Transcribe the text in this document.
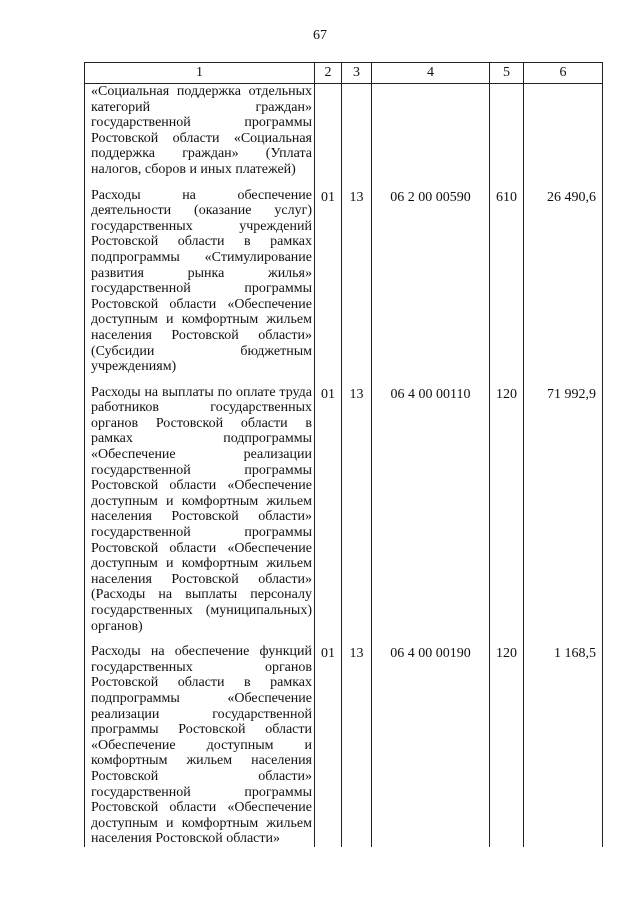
67
1	2	3	4	5	6
«Социальная поддержка отдельных категорий граждан» государственной программы Ростовской области «Социальная поддержка граждан» (Уплата налогов, сборов и иных платежей)					

Расходы на обеспечение деятельности (оказание услуг) государственных учреждений Ростовской области в рамках подпрограммы «Стимулирование развития рынка жилья» государственной программы Ростовской области «Обеспечение доступным и комфортным жильем населения Ростовской области» (Субсидии бюджетным учреждениям)	01	13	06 2 00 00590	610	26 490,6

Расходы на выплаты по оплате труда работников государственных органов Ростовской области в рамках подпрограммы «Обеспечение реализации государственной программы Ростовской области «Обеспечение доступным и комфортным жильем населения Ростовской области» государственной программы Ростовской области «Обеспечение доступным и комфортным жильем населения Ростовской области» (Расходы на выплаты персоналу государственных (муниципальных) органов)	01	13	06 4 00 00110	120	71 992,9

Расходы на обеспечение функций государственных органов Ростовской области в рамках подпрограммы «Обеспечение реализации государственной программы Ростовской области «Обеспечение доступным и комфортным жильем населения Ростовской области» государственной программы Ростовской области «Обеспечение доступным и комфортным жильем населения Ростовской области»	01	13	06 4 00 00190	120	1 168,5
